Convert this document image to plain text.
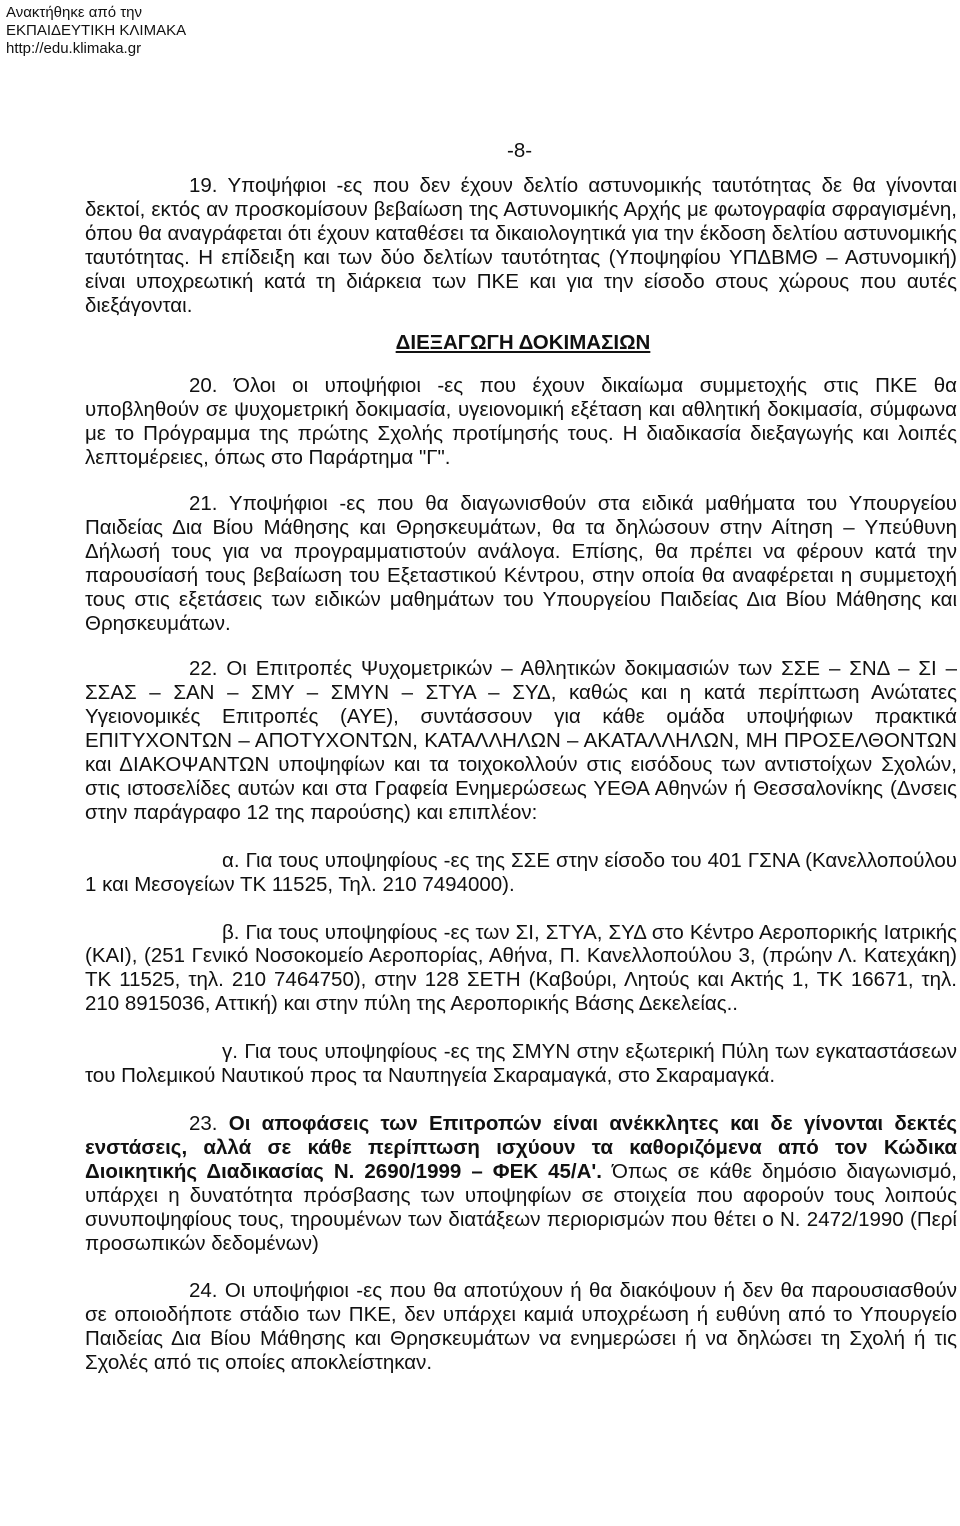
Ανακτήθηκε από την
ΕΚΠΑΙΔΕΥΤΙΚΗ ΚΛΙΜΑΚΑ
http://edu.klimaka.gr
-8-

19. Υποψήφιοι -ες που δεν έχουν δελτίο αστυνομικής ταυτότητας δε θα γίνονται δεκτοί, εκτός αν προσκομίσουν βεβαίωση της Αστυνομικής Αρχής με φωτογραφία σφραγισμένη, όπου θα αναγράφεται ότι έχουν καταθέσει τα δικαιολογητικά για την έκδοση δελτίου αστυνομικής ταυτότητας. Η επίδειξη και των δύο δελτίων ταυτότητας (Υποψηφίου ΥΠΔΒΜΘ – Αστυνομική) είναι υποχρεωτική κατά τη διάρκεια των ΠΚΕ και για την είσοδο στους χώρους που αυτές διεξάγονται.

ΔΙΕΞΑΓΩΓΗ ΔΟΚΙΜΑΣΙΩΝ

20. Όλοι οι υποψήφιοι -ες που έχουν δικαίωμα συμμετοχής στις ΠΚΕ θα υποβληθούν σε ψυχομετρική δοκιμασία, υγειονομική εξέταση και αθλητική δοκιμασία, σύμφωνα με το Πρόγραμμα της πρώτης Σχολής προτίμησής τους. Η διαδικασία διεξαγωγής και λοιπές λεπτομέρειες, όπως στο Παράρτημα "Γ".

21. Υποψήφιοι -ες που θα διαγωνισθούν στα ειδικά μαθήματα του Υπουργείου Παιδείας Δια Βίου Μάθησης και Θρησκευμάτων, θα τα δηλώσουν στην Αίτηση – Υπεύθυνη Δήλωσή τους για να προγραμματιστούν ανάλογα. Επίσης, θα πρέπει να φέρουν κατά την παρουσίασή τους βεβαίωση του Εξεταστικού Κέντρου, στην οποία θα αναφέρεται η συμμετοχή τους στις εξετάσεις των ειδικών μαθημάτων του Υπουργείου Παιδείας Δια Βίου Μάθησης και Θρησκευμάτων.

22. Οι Επιτροπές Ψυχομετρικών – Αθλητικών δοκιμασιών των ΣΣΕ – ΣΝΔ – ΣΙ – ΣΣΑΣ – ΣΑΝ – ΣΜΥ – ΣΜΥΝ – ΣΤΥΑ – ΣΥΔ, καθώς και η κατά περίπτωση Ανώτατες Υγειονομικές Επιτροπές (ΑΥΕ), συντάσσουν για κάθε ομάδα υποψήφιων πρακτικά ΕΠΙΤΥΧΟΝΤΩΝ – ΑΠΟΤΥΧΟΝΤΩΝ, ΚΑΤΑΛΛΗΛΩΝ – ΑΚΑΤΑΛΛΗΛΩΝ, ΜΗ ΠΡΟΣΕΛΘΟΝΤΩΝ και ΔΙΑΚΟΨΑΝΤΩΝ υποψηφίων και τα τοιχοκολλούν στις εισόδους των αντιστοίχων Σχολών, στις ιστοσελίδες αυτών και στα Γραφεία Ενημερώσεως ΥΕΘΑ Αθηνών ή Θεσσαλονίκης (Δνσεις στην παράγραφο 12 της παρούσης) και επιπλέον:

α. Για τους υποψηφίους -ες της ΣΣΕ στην είσοδο του 401 ΓΣΝΑ (Κανελλοπούλου 1 και Μεσογείων ΤΚ 11525, Τηλ. 210 7494000).

β. Για τους υποψηφίους -ες των ΣΙ, ΣΤΥΑ, ΣΥΔ στο Κέντρο Αεροπορικής Ιατρικής (ΚΑΙ), (251 Γενικό Νοσοκομείο Αεροπορίας, Αθήνα, Π. Κανελλοπούλου 3, (πρώην Λ. Κατεχάκη) ΤΚ 11525, τηλ. 210 7464750), στην 128 ΣΕΤΗ (Καβούρι, Λητούς και Ακτής 1, ΤΚ 16671, τηλ. 210 8915036, Αττική) και στην πύλη της Αεροπορικής Βάσης Δεκελείας..

γ. Για τους υποψηφίους -ες της ΣΜΥΝ στην εξωτερική Πύλη των εγκαταστάσεων του Πολεμικού Ναυτικού προς τα Ναυπηγεία Σκαραμαγκά, στο Σκαραμαγκά.

23. Οι αποφάσεις των Επιτροπών είναι ανέκκλητες και δε γίνονται δεκτές ενστάσεις, αλλά σε κάθε περίπτωση ισχύουν τα καθοριζόμενα από τον Κώδικα Διοικητικής Διαδικασίας Ν. 2690/1999 – ΦΕΚ 45/Α'. Όπως σε κάθε δημόσιο διαγωνισμό, υπάρχει η δυνατότητα πρόσβασης των υποψηφίων σε στοιχεία που αφορούν τους λοιπούς συνυποψηφίους τους, τηρουμένων των διατάξεων περιορισμών που θέτει ο Ν. 2472/1990 (Περί προσωπικών δεδομένων)

24. Οι υποψήφιοι -ες που θα αποτύχουν ή θα διακόψουν ή δεν θα παρουσιασθούν σε οποιοδήποτε στάδιο των ΠΚΕ, δεν υπάρχει καμιά υποχρέωση ή ευθύνη από το Υπουργείο Παιδείας Δια Βίου Μάθησης και Θρησκευμάτων να ενημερώσει ή να δηλώσει τη Σχολή ή τις Σχολές από τις οποίες αποκλείστηκαν.
